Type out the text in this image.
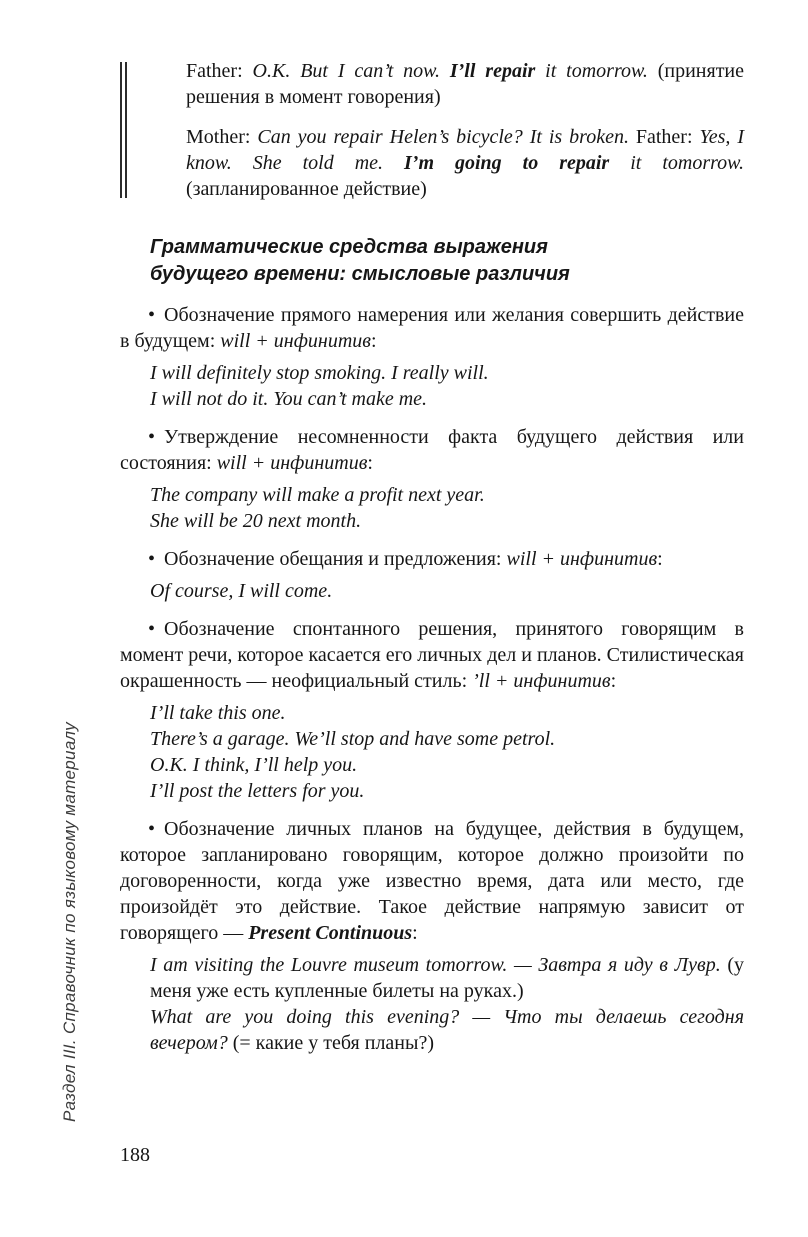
Раздел III. Справочник по языковому материалу

Father: O.K. But I can’t now. I’ll repair it tomorrow. (принятие решения в момент говорения)

Mother: Can you repair Helen’s bicycle? It is broken. Father: Yes, I know. She told me. I’m going to repair it tomorrow. (запланированное действие)

Грамматические средства выражения
будущего времени: смысловые различия

• Обозначение прямого намерения или желания совершить действие в будущем: will + инфинитив:

I will definitely stop smoking. I really will.
I will not do it. You can’t make me.

• Утверждение несомненности факта будущего действия или состояния: will + инфинитив:

The company will make a profit next year.
She will be 20 next month.

• Обозначение обещания и предложения: will + инфинитив:

Of course, I will come.

• Обозначение спонтанного решения, принятого говорящим в момент речи, которое касается его личных дел и планов. Стилистическая окрашенность — неофициальный стиль: ’ll + инфинитив:

I’ll take this one.
There’s a garage. We’ll stop and have some petrol.
O.K. I think, I’ll help you.
I’ll post the letters for you.

• Обозначение личных планов на будущее, действия в будущем, которое запланировано говорящим, которое должно произойти по договоренности, когда уже известно время, дата или место, где произойдёт это действие. Такое действие напрямую зависит от говорящего — Present Continuous:

I am visiting the Louvre museum tomorrow. — Завтра я иду в Лувр. (у меня уже есть купленные билеты на руках.)

What are you doing this evening? — Что ты делаешь сегодня вечером? (= какие у тебя планы?)

188
